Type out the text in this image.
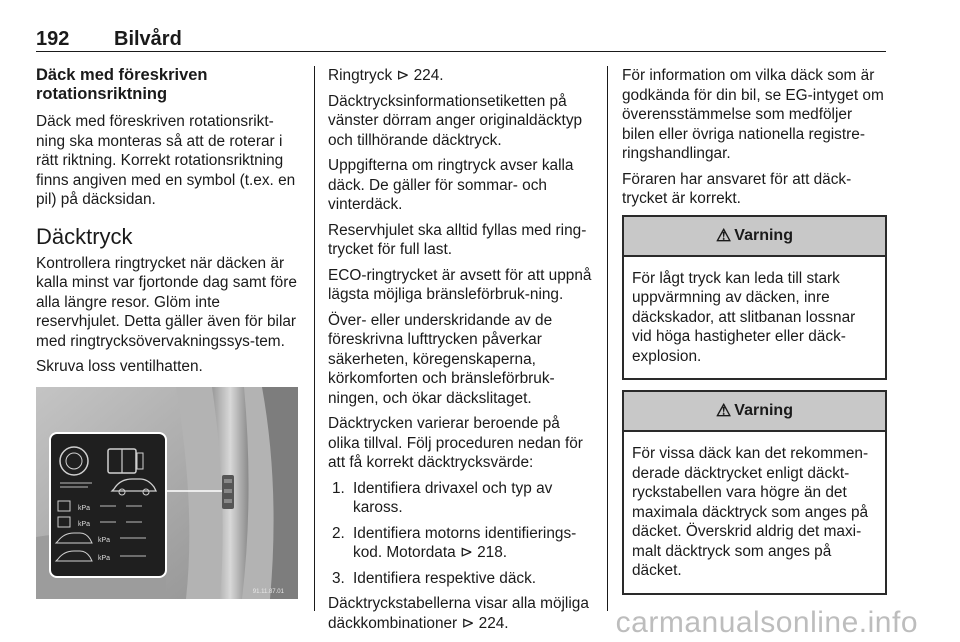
192 Bilvård
Däck med föreskriven rotationsriktning

Däck med föreskriven rotationsrikt-ning ska monteras så att de roterar i rätt riktning. Korrekt rotationsriktning finns angiven med en symbol (t.ex. en pil) på däcksidan.

Däcktryck

Kontrollera ringtrycket när däcken är kalla minst var fjortonde dag samt före alla längre resor. Glöm inte reservhjulet. Detta gäller även för bilar med ringtrycksövervakningssys-tem.

Skruva loss ventilhatten.

kPa
kPa
kPa
kPa
91.11.87.01

Ringtryck ⊳ 224.

Däcktrycksinformationsetiketten på vänster dörram anger originaldäcktyp och tillhörande däcktryck.

Uppgifterna om ringtryck avser kalla däck. De gäller för sommar- och vinterdäck.

Reservhjulet ska alltid fyllas med ring-trycket för full last.

ECO-ringtrycket är avsett för att uppnå lägsta möjliga bränsleförbruk-ning.

Över- eller underskridande av de föreskrivna lufttrycken påverkar säkerheten, köregenskaperna, körkomforten och bränsleförbruk-ningen, och ökar däckslitaget.

Däcktrycken varierar beroende på olika tillval. Följ proceduren nedan för att få korrekt däcktrycksvärde:

1. Identifiera drivaxel och typ av kaross.
2. Identifiera motorns identifierings-kod. Motordata ⊳ 218.
3. Identifiera respektive däck.

Däcktryckstabellerna visar alla möjliga däckkombinationer ⊳ 224.

För information om vilka däck som är godkända för din bil, se EG-intyget om överensstämmelse som medföljer bilen eller övriga nationella registre-ringshandlingar.

Föraren har ansvaret för att däck-trycket är korrekt.

⚠ Varning
För lågt tryck kan leda till stark uppvärmning av däcken, inre däckskador, att slitbanan lossnar vid höga hastigheter eller däck-explosion.
⚠ Varning
För vissa däck kan det rekommen-derade däcktrycket enligt däckt-ryckstabellen vara högre än det maximala däcktryck som anges på däcket. Överskrid aldrig det maxi-malt däcktryck som anges på däcket.
carmanualsonline.info
